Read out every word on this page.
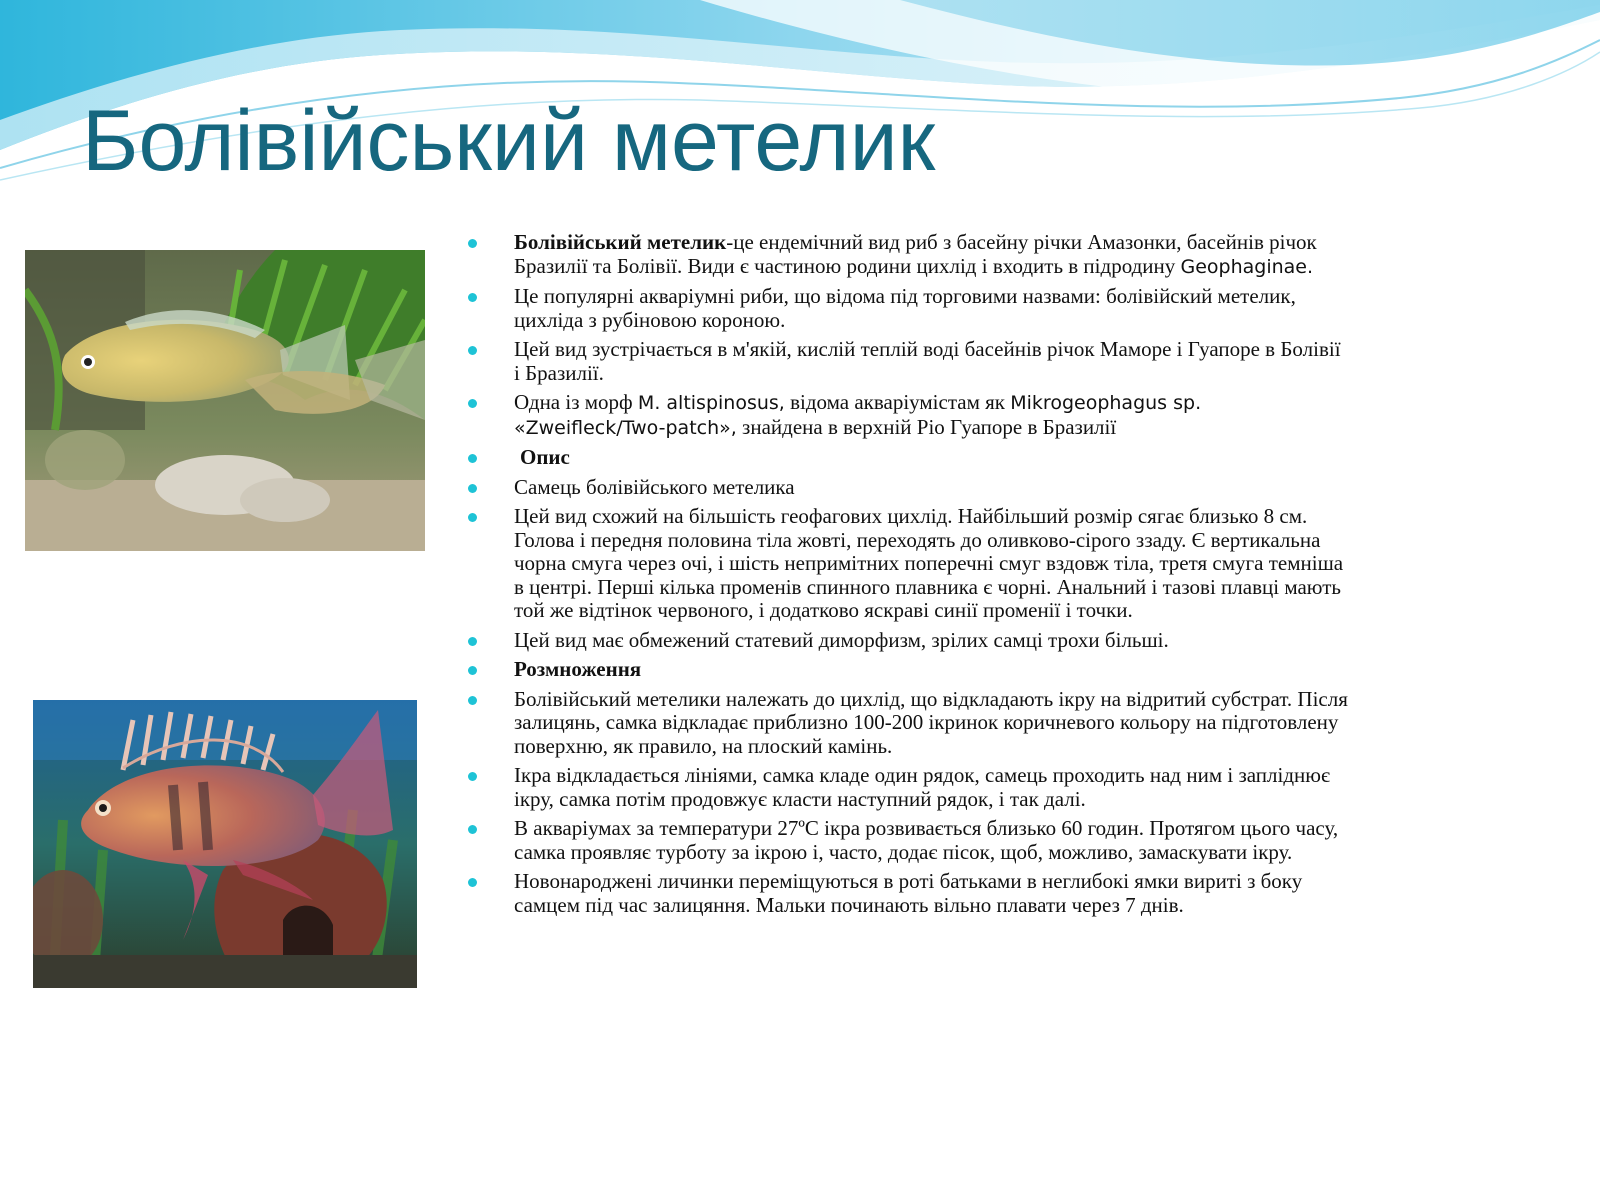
Болівійський метелик
Болівійський метелик-це ендемічний вид риб з басейну річки Амазонки, басейнів річок Бразилії та Болівії. Види є частиною родини цихлід і входить в підродину Geophaginae.
Це популярні акваріумні риби, що відома під торговими назвами: болівійский метелик, цихліда з рубіновою короною.
Цей вид зустрічається в м'якій, кислій теплій воді басейнів річок Маморе і Гуапоре в Болівії і Бразилії.
Одна із морф M. altispinosus, відома акваріумістам як Mikrogeophagus sp. «Zweifleck/Two-patch», знайдена в верхній Ріо Гуапоре в Бразилії
Опис
Самець болівійського метелика
Цей вид схожий на більшість геофагових цихлід. Найбільший розмір сягає близько 8 см. Голова і передня половина тіла жовті, переходять до оливково-сірого ззаду. Є вертикальна чорна смуга через очі, і шість непримітних поперечні смуг вздовж тіла, третя смуга темніша в центрі. Перші кілька променів спинного плавника є чорні. Анальний і тазові плавці мають той же відтінок червоного, і додатково яскраві синії променії і точки.
Цей вид має обмежений статевий диморфизм, зрілих самці трохи більші.
Розмноження
Болівійський метелики належать до цихлід, що відкладають ікру на відритий субстрат. Після залицянь, самка відкладає приблизно 100-200 ікринок коричневого кольору на підготовлену поверхню, як правило, на плоский камінь.
Ікра відкладається лініями, самка кладе один рядок, самець проходить над ним і запліднює ікру, самка потім продовжує класти наступний рядок, і так далі.
В акваріумах за температури 27ºC ікра розвивається близько 60 годин. Протягом цього часу, самка проявляє турботу за ікрою і, часто, додає пісок, щоб, можливо, замаскувати ікру.
Новонароджені личинки переміщуються в роті батьками в неглибокі ямки вириті з боку самцем під час залицяння. Мальки починають вільно плавати через 7 днів.
